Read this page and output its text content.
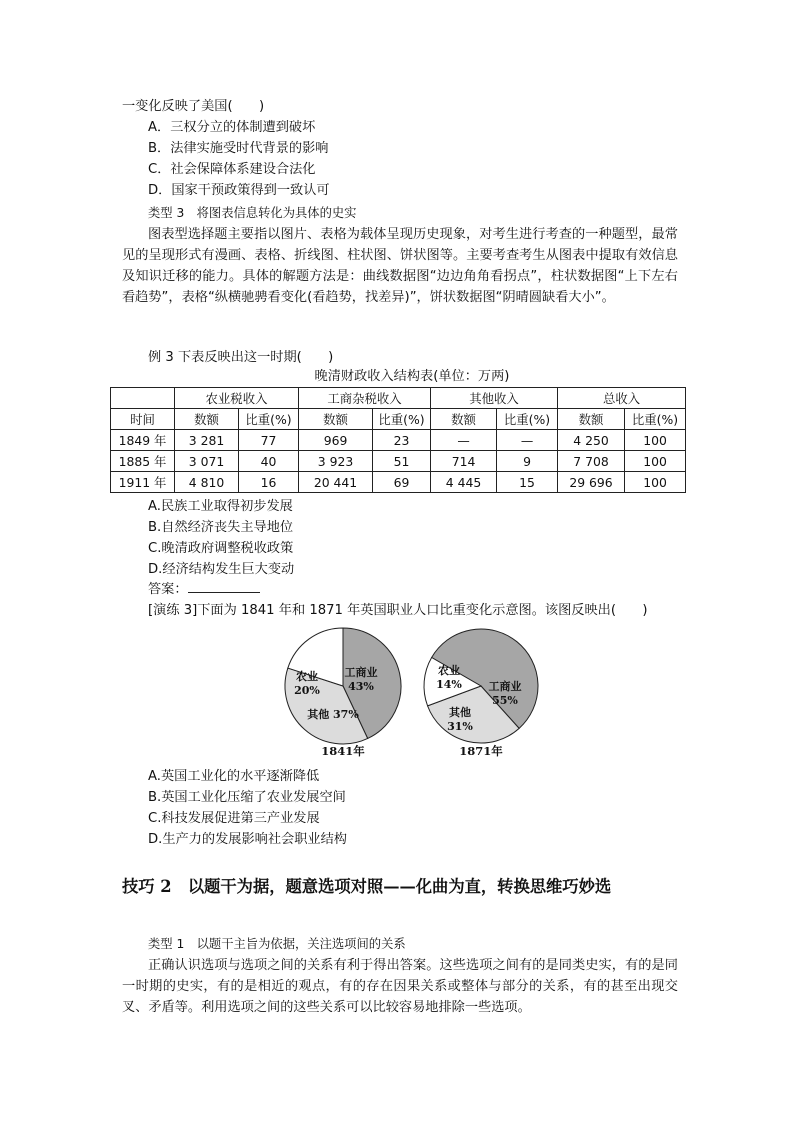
一变化反映了美国(　　)
A．三权分立的体制遭到破坏
B．法律实施受时代背景的影响
C．社会保障体系建设合法化
D．国家干预政策得到一致认可
类型 3　将图表信息转化为具体的史实
图表型选择题主要指以图片、表格为载体呈现历史现象，对考生进行考查的一种题型，最常见的呈现形式有漫画、表格、折线图、柱状图、饼状图等。主要考查考生从图表中提取有效信息及知识迁移的能力。具体的解题方法是：曲线数据图“边边角角看拐点”，柱状数据图“上下左右看趋势”，表格“纵横驰骋看变化(看趋势，找差异)”，饼状数据图“阴晴圆缺看大小”。
例 3 下表反映出这一时期(　　)
晚清财政收入结构表(单位：万两)
	农业税收入		工商杂税收入		其他收入		总收入	
时间	数额	比重(%)	数额	比重(%)	数额	比重(%)	数额	比重(%)
1849 年	3 281	77	969	23	—	—	4 250	100
1885 年	3 071	40	3 923	51	714	9	7 708	100
1911 年	4 810	16	20 441	69	4 445	15	29 696	100
A.民族工业取得初步发展
B.自然经济丧失主导地位
C.晚清政府调整税收政策
D.经济结构发生巨大变动
答案：
[演练 3]下面为 1841 年和 1871 年英国职业人口比重变化示意图。该图反映出(　　)
工商业 43%
其他 37%
农业 20%
1841年
工商业 55%
其他 31%
农业 14%
1871年
A.英国工业化的水平逐渐降低
B.英国工业化压缩了农业发展空间
C.科技发展促进第三产业发展
D.生产力的发展影响社会职业结构
技巧 2　以题干为据，题意选项对照——化曲为直，转换思维巧妙选
类型 1　以题干主旨为依据，关注选项间的关系
正确认识选项与选项之间的关系有利于得出答案。这些选项之间有的是同类史实，有的是同一时期的史实，有的是相近的观点，有的存在因果关系或整体与部分的关系，有的甚至出现交叉、矛盾等。利用选项之间的这些关系可以比较容易地排除一些选项。
